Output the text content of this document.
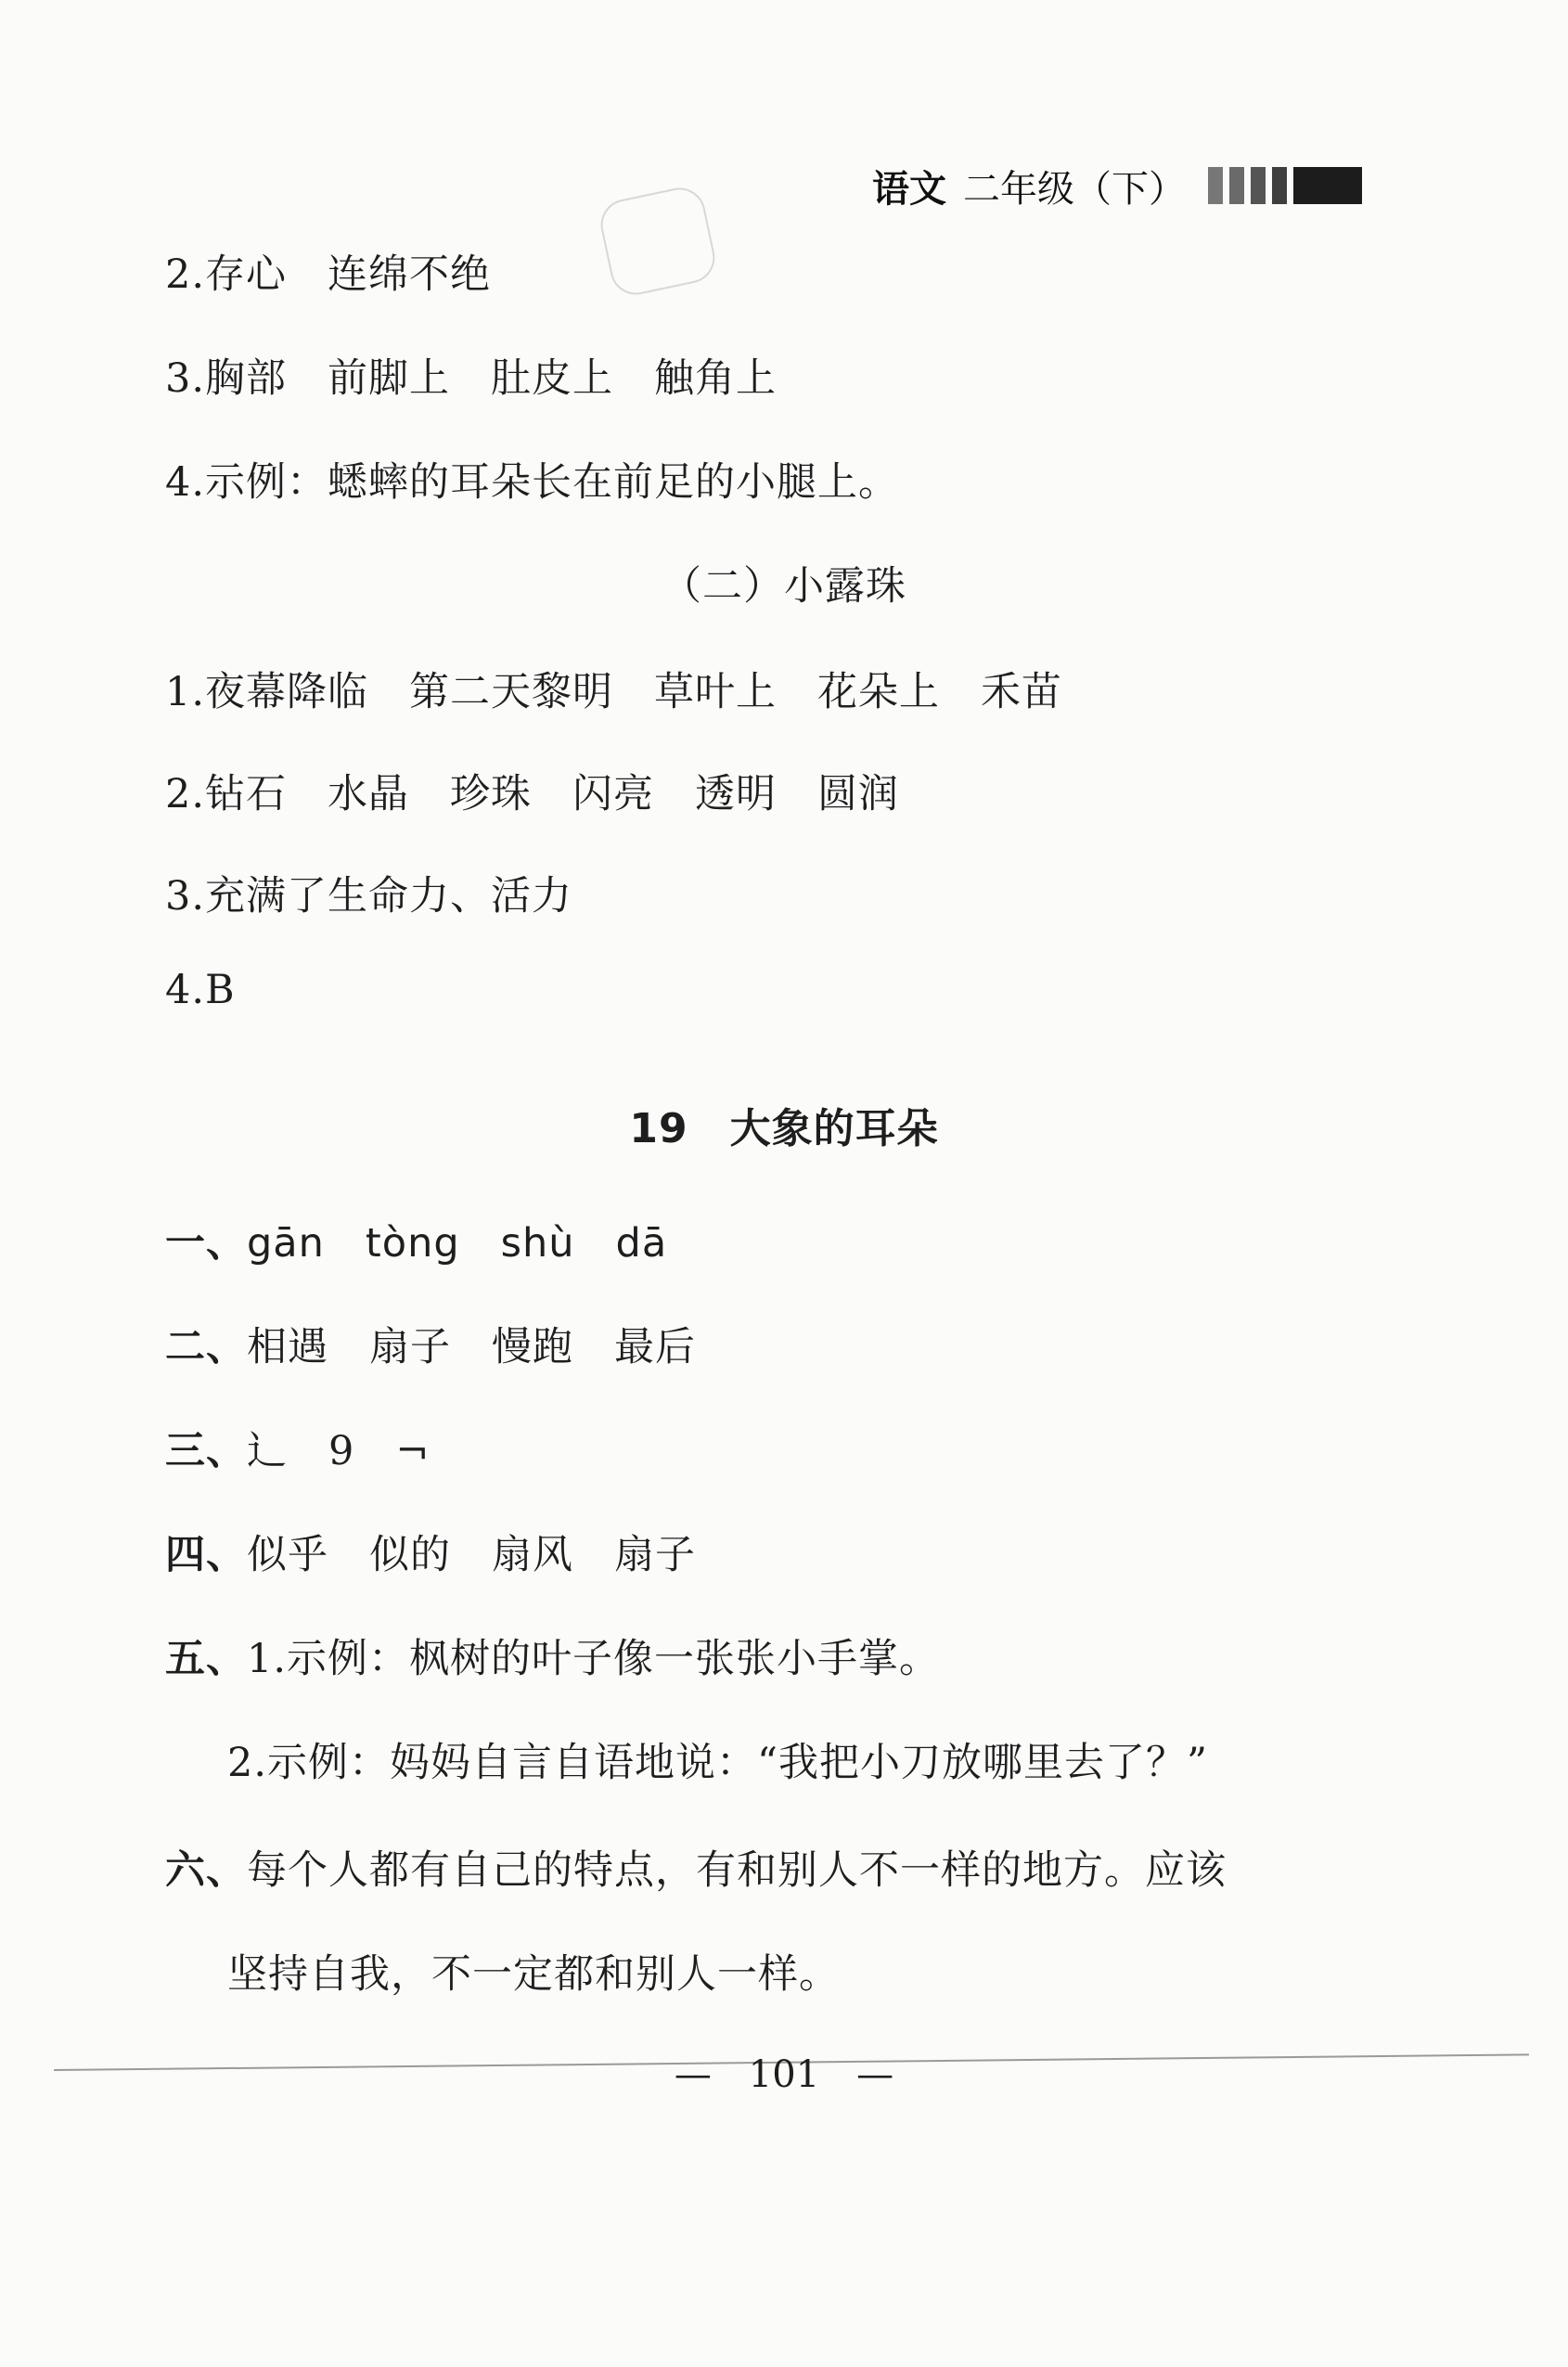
语文 二年级（下）
2.存心　连绵不绝
3.胸部　前脚上　肚皮上　触角上
4.示例：蟋蟀的耳朵长在前足的小腿上。
（二）小露珠
1.夜幕降临　第二天黎明　草叶上　花朵上　禾苗
2.钻石　水晶　珍珠　闪亮　透明　圆润
3.充满了生命力、活力
4.B
19　大象的耳朵
一、gān　tòng　shù　dā
二、相遇　扇子　慢跑　最后
三、辶　9　¬
四、似乎　似的　扇风　扇子
五、1.示例：枫树的叶子像一张张小手掌。
2.示例：妈妈自言自语地说：“我把小刀放哪里去了？”
六、每个人都有自己的特点，有和别人不一样的地方。应该
坚持自我，不一定都和别人一样。
—　101　—
